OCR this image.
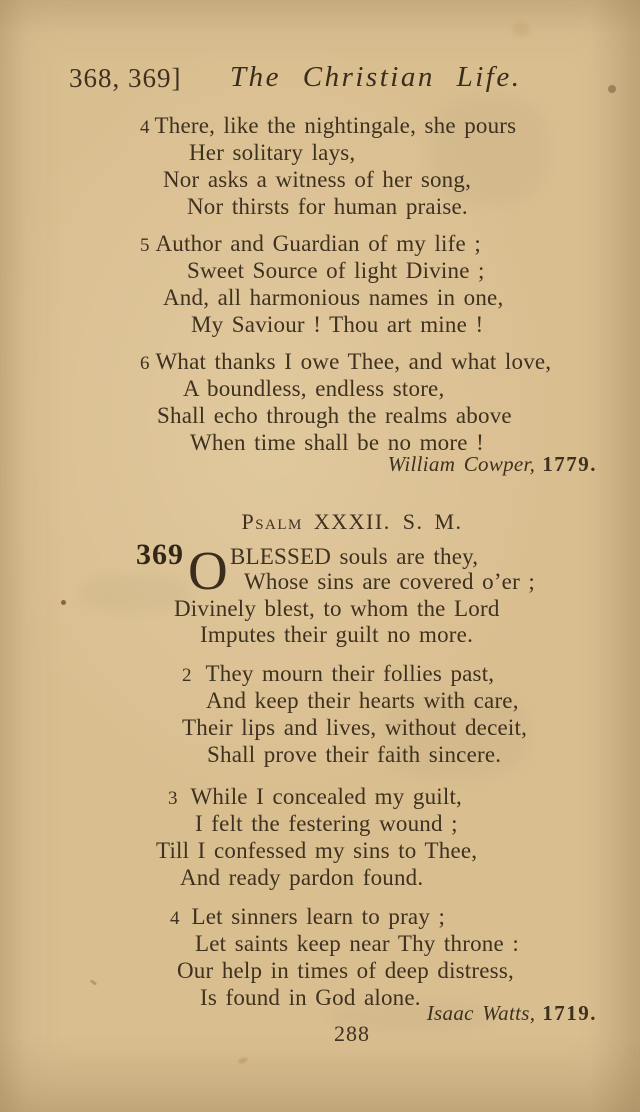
368, 369] The Christian Life.
4 There, like the nightingale, she pours
Her solitary lays,
Nor asks a witness of her song,
Nor thirsts for human praise.
5 Author and Guardian of my life ;
Sweet Source of light Divine ;
And, all harmonious names in one,
My Saviour ! Thou art mine !
6 What thanks I owe Thee, and what love,
A boundless, endless store,
Shall echo through the realms above
When time shall be no more !
William Cowper, 1779.
Psalm XXXII. S. M.
369 O BLESSED souls are they,
Whose sins are covered o’er ;
Divinely blest, to whom the Lord
Imputes their guilt no more.
2 They mourn their follies past,
And keep their hearts with care,
Their lips and lives, without deceit,
Shall prove their faith sincere.
3 While I concealed my guilt,
I felt the festering wound ;
Till I confessed my sins to Thee,
And ready pardon found.
4 Let sinners learn to pray ;
Let saints keep near Thy throne :
Our help in times of deep distress,
Is found in God alone.
Isaac Watts, 1719.
288
